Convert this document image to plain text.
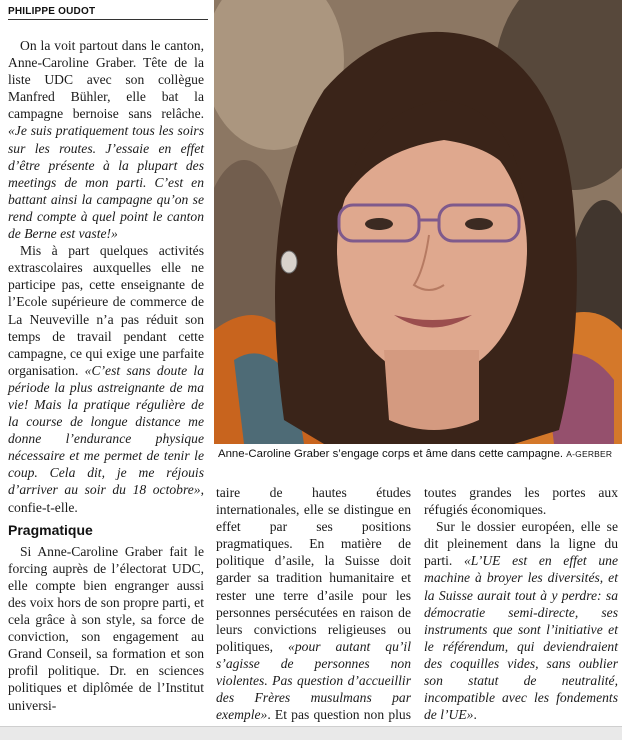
PHILIPPE OUDOT

On la voit partout dans le canton, Anne-Caroline Graber. Tête de la liste UDC avec son collègue Manfred Bühler, elle bat la campagne bernoise sans relâche. «Je suis pratiquement tous les soirs sur les routes. J’essaie en effet d’être présente à la plupart des meetings de mon parti. C’est en battant ainsi la campagne qu’on se rend compte à quel point le canton de Berne est vaste!»

Mis à part quelques activités extrascolaires auxquelles elle ne participe pas, cette enseignante de l’Ecole supérieure de commerce de La Neuveville n’a pas réduit son temps de travail pendant cette campagne, ce qui exige une parfaite organisation. «C’est sans doute la période la plus astreignante de ma vie! Mais la pratique régulière de la course de longue distance me donne l’endurance physique nécessaire et me permet de tenir le coup. Cela dit, je me réjouis d’arriver au soir du 18 octobre», confie-t-elle.

Pragmatique

Si Anne-Caroline Graber fait le forcing auprès de l’électorat UDC, elle compte bien engranger aussi des voix hors de son propre parti, et cela grâce à son style, sa force de conviction, son engagement au Grand Conseil, sa formation et son profil politique. Dr. en sciences politiques et diplômée de l’Institut universi-

Anne-Caroline Graber s’engage corps et âme dans cette campagne. A-GERBER

taire de hautes études internationales, elle se distingue en effet par ses positions pragmatiques. En matière de politique d’asile, la Suisse doit garder sa tradition humanitaire et rester une terre d’asile pour les personnes persécutées en raison de leurs convictions religieuses ou politiques, «pour autant qu’il s’agisse de personnes non violentes. Pas question d’accueillir des Frères musulmans par exemple». Et pas question non plus

toutes grandes les portes aux réfugiés économiques.

Sur le dossier européen, elle se dit pleinement dans la ligne du parti. «L’UE est en effet une machine à broyer les diversités, et la Suisse aurait tout à y perdre: sa démocratie semi-directe, ses instruments que sont l’initiative et le référendum, qui deviendraient des coquilles vides, sans oublier son statut de neutralité, incompatible avec les fondements de l’UE».
